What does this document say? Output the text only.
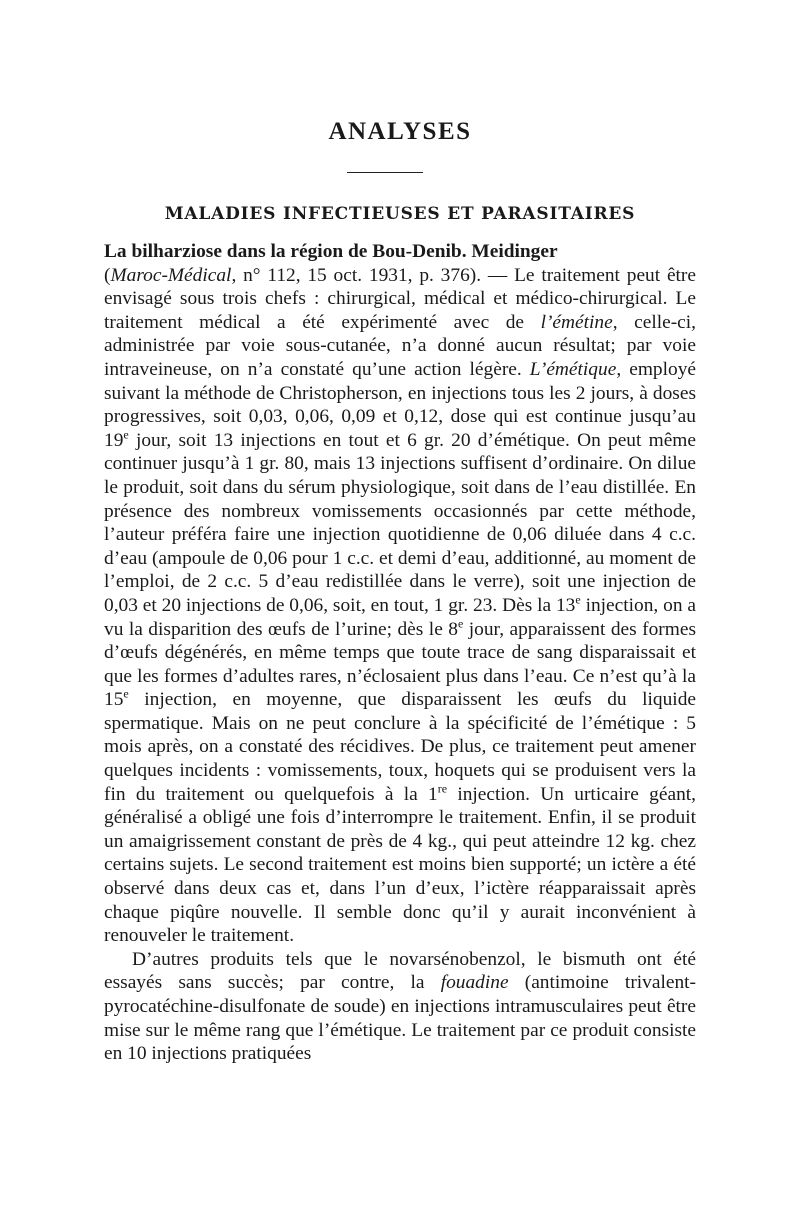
ANALYSES
MALADIES INFECTIEUSES ET PARASITAIRES

La bilharziose dans la région de Bou-Denib. Meidinger
(Maroc-Médical, n° 112, 15 oct. 1931, p. 376). — Le traitement peut être envisagé sous trois chefs : chirurgical, médical et médico-chirurgical. Le traitement médical a été expérimenté avec de l’émétine, celle-ci, administrée par voie sous-cutanée, n’a donné aucun résultat; par voie intraveineuse, on n’a constaté qu’une action légère. L’émétique, employé suivant la méthode de Christopherson, en injections tous les 2 jours, à doses progressives, soit 0,03, 0,06, 0,09 et 0,12, dose qui est continue jusqu’au 19e jour, soit 13 injections en tout et 6 gr. 20 d’émétique. On peut même continuer jusqu’à 1 gr. 80, mais 13 injections suffisent d’ordinaire. On dilue le produit, soit dans du sérum physiologique, soit dans de l’eau distillée. En présence des nombreux vomissements occasionnés par cette méthode, l’auteur préféra faire une injection quotidienne de 0,06 diluée dans 4 c.c. d’eau (ampoule de 0,06 pour 1 c.c. et demi d’eau, additionné, au moment de l’emploi, de 2 c.c. 5 d’eau redistillée dans le verre), soit une injection de 0,03 et 20 injections de 0,06, soit, en tout, 1 gr. 23. Dès la 13e injection, on a vu la disparition des œufs de l’urine; dès le 8e jour, apparaissent des formes d’œufs dégénérés, en même temps que toute trace de sang disparaissait et que les formes d’adultes rares, n’éclosaient plus dans l’eau. Ce n’est qu’à la 15e injection, en moyenne, que disparaissent les œufs du liquide spermatique. Mais on ne peut conclure à la spécificité de l’émétique : 5 mois après, on a constaté des récidives. De plus, ce traitement peut amener quelques incidents : vomissements, toux, hoquets qui se produisent vers la fin du traitement ou quelquefois à la 1re injection. Un urticaire géant, généralisé a obligé une fois d’interrompre le traitement. Enfin, il se produit un amaigrissement constant de près de 4 kg., qui peut atteindre 12 kg. chez certains sujets. Le second traitement est moins bien supporté; un ictère a été observé dans deux cas et, dans l’un d’eux, l’ictère réapparaissait après chaque piqûre nouvelle. Il semble donc qu’il y aurait inconvénient à renouveler le traitement.

D’autres produits tels que le novarsénobenzol, le bismuth ont été essayés sans succès; par contre, la fouadine (antimoine trivalent-pyrocatéchine-disulfonate de soude) en injections intramusculaires peut être mise sur le même rang que l’émétique. Le traitement par ce produit consiste en 10 injections pratiquées
